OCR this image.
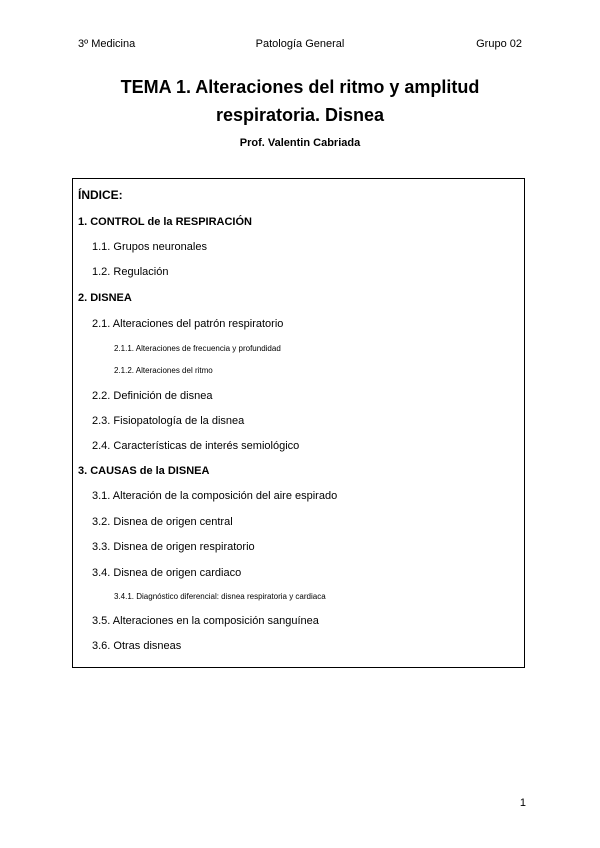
3º Medicina	Patología General	Grupo 02
TEMA 1. Alteraciones del ritmo y amplitud
respiratoria. Disnea
Prof. Valentin Cabriada
ÍNDICE:
1. CONTROL de la RESPIRACIÓN
1.1. Grupos neuronales
1.2. Regulación
2. DISNEA
2.1. Alteraciones del patrón respiratorio
2.1.1. Alteraciones de frecuencia y profundidad
2.1.2. Alteraciones del ritmo
2.2. Definición de disnea
2.3. Fisiopatología de la disnea
2.4. Características de interés semiológico
3. CAUSAS de la DISNEA
3.1. Alteración de la composición del aire espirado
3.2. Disnea de origen central
3.3. Disnea de origen respiratorio
3.4. Disnea de origen cardiaco
3.4.1. Diagnóstico diferencial: disnea respiratoria y cardiaca
3.5. Alteraciones en la composición sanguínea
3.6. Otras disneas
1
